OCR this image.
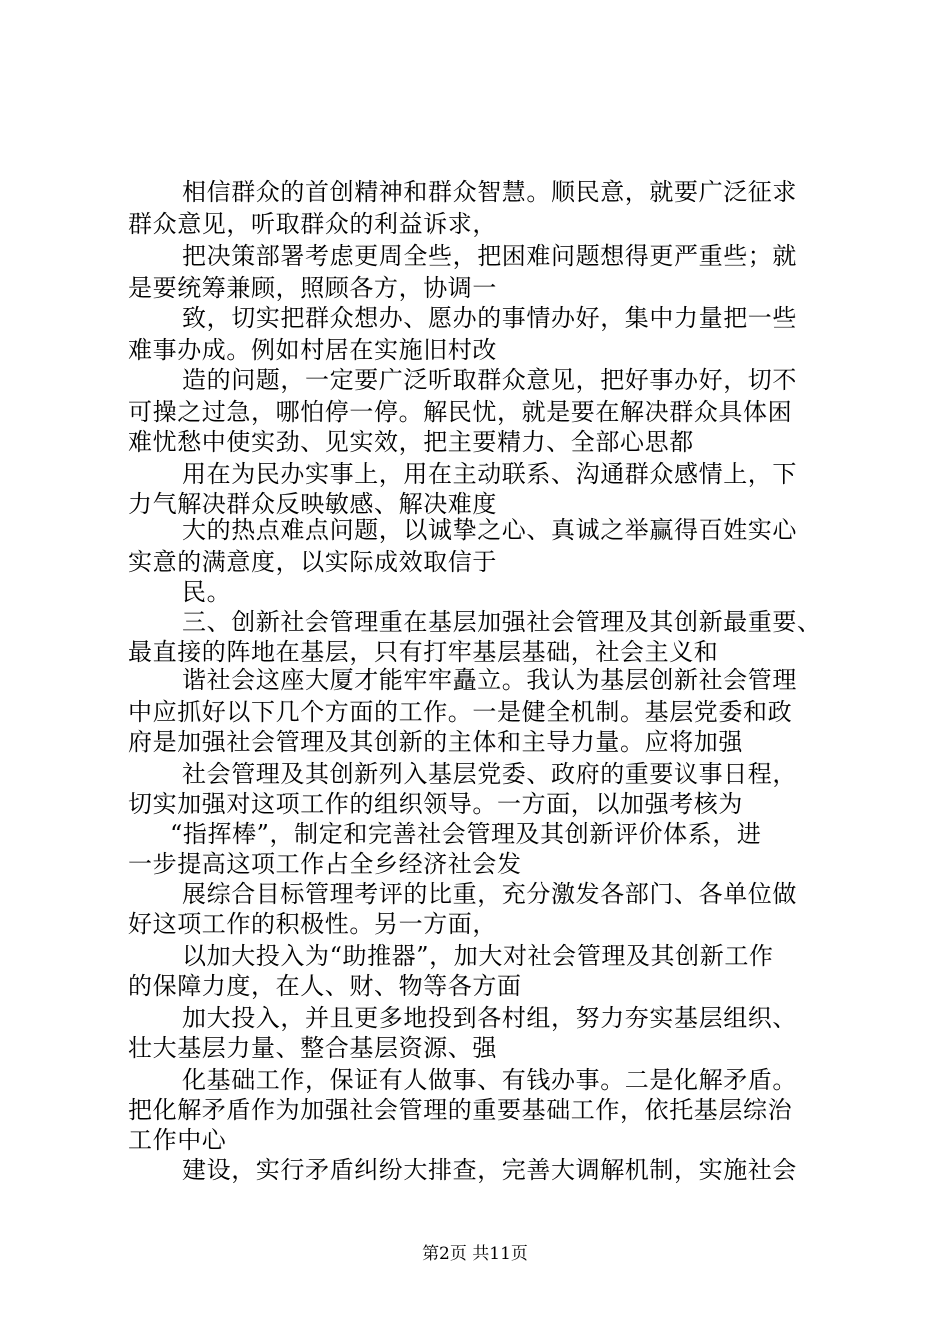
相信群众的首创精神和群众智慧。顺民意，就要广泛征求
群众意见，听取群众的利益诉求，
把决策部署考虑更周全些，把困难问题想得更严重些；就
是要统筹兼顾，照顾各方，协调一
致，切实把群众想办、愿办的事情办好，集中力量把一些
难事办成。例如村居在实施旧村改
造的问题，一定要广泛听取群众意见，把好事办好，切不
可操之过急，哪怕停一停。解民忧，就是要在解决群众具体困
难忧愁中使实劲、见实效，把主要精力、全部心思都
用在为民办实事上，用在主动联系、沟通群众感情上，下
力气解决群众反映敏感、解决难度
大的热点难点问题，以诚挚之心、真诚之举赢得百姓实心
实意的满意度，以实际成效取信于
民。
三、创新社会管理重在基层加强社会管理及其创新最重要、
最直接的阵地在基层，只有打牢基层基础，社会主义和
谐社会这座大厦才能牢牢矗立。我认为基层创新社会管理
中应抓好以下几个方面的工作。一是健全机制。基层党委和政
府是加强社会管理及其创新的主体和主导力量。应将加强
社会管理及其创新列入基层党委、政府的重要议事日程，
切实加强对这项工作的组织领导。一方面，以加强考核为
“指挥棒”，制定和完善社会管理及其创新评价体系，进
一步提高这项工作占全乡经济社会发
展综合目标管理考评的比重，充分激发各部门、各单位做
好这项工作的积极性。另一方面，
以加大投入为“助推器”，加大对社会管理及其创新工作
的保障力度，在人、财、物等各方面
加大投入，并且更多地投到各村组，努力夯实基层组织、
壮大基层力量、整合基层资源、强
化基础工作，保证有人做事、有钱办事。二是化解矛盾。
把化解矛盾作为加强社会管理的重要基础工作，依托基层综治
工作中心
建设，实行矛盾纠纷大排查，完善大调解机制，实施社会
第2页 共11页
